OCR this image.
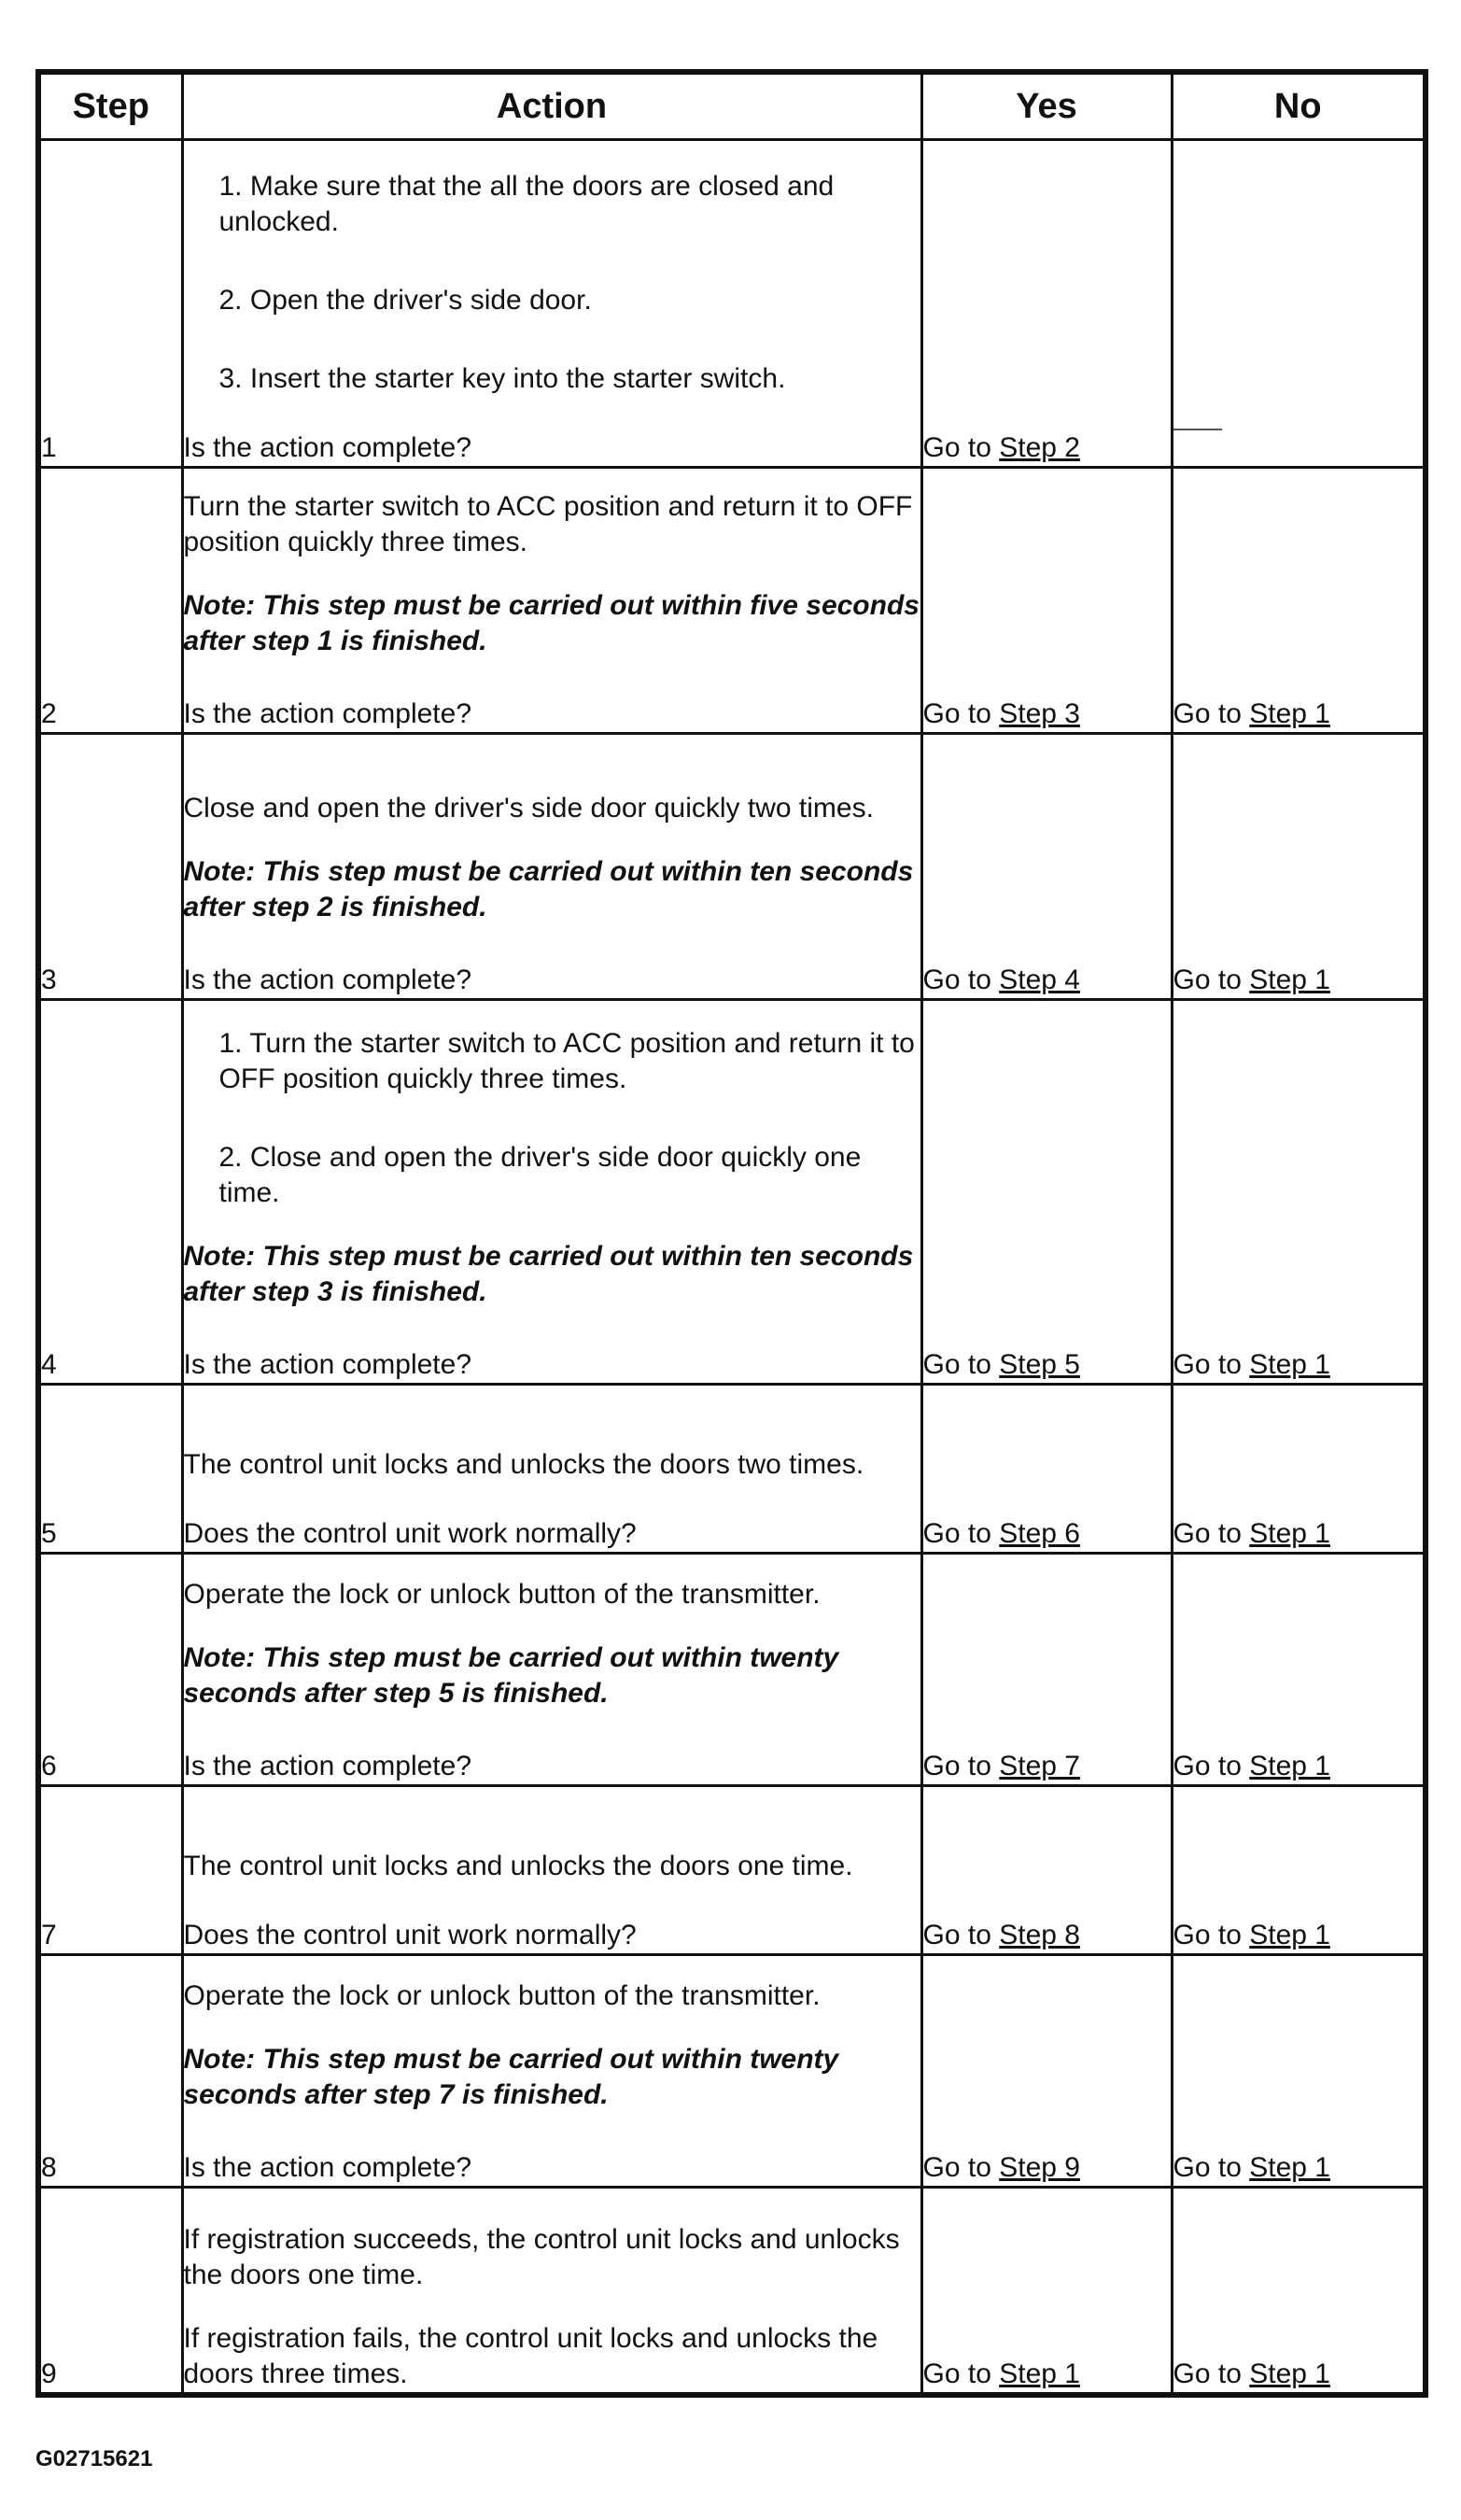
Step	Action	Yes	No
1	1. Make sure that the all the doors are closed and unlocked.

2. Open the driver's side door.

3. Insert the starter key into the starter switch.

Is the action complete?	Go to Step 2	
2	Turn the starter switch to ACC position and return it to OFF position quickly three times.

Note: This step must be carried out within five seconds after step 1 is finished.

Is the action complete?	Go to Step 3	Go to Step 1
3	Close and open the driver's side door quickly two times.

Note: This step must be carried out within ten seconds after step 2 is finished.

Is the action complete?	Go to Step 4	Go to Step 1
4	1. Turn the starter switch to ACC position and return it to OFF position quickly three times.

2. Close and open the driver's side door quickly one time.

Note: This step must be carried out within ten seconds after step 3 is finished.

Is the action complete?	Go to Step 5	Go to Step 1
5	The control unit locks and unlocks the doors two times.

Does the control unit work normally?	Go to Step 6	Go to Step 1
6	Operate the lock or unlock button of the transmitter.

Note: This step must be carried out within twenty seconds after step 5 is finished.

Is the action complete?	Go to Step 7	Go to Step 1
7	The control unit locks and unlocks the doors one time.

Does the control unit work normally?	Go to Step 8	Go to Step 1
8	Operate the lock or unlock button of the transmitter.

Note: This step must be carried out within twenty seconds after step 7 is finished.

Is the action complete?	Go to Step 9	Go to Step 1
9	If registration succeeds, the control unit locks and unlocks the doors one time.

If registration fails, the control unit locks and unlocks the doors three times.	Go to Step 1	Go to Step 1
G02715621
